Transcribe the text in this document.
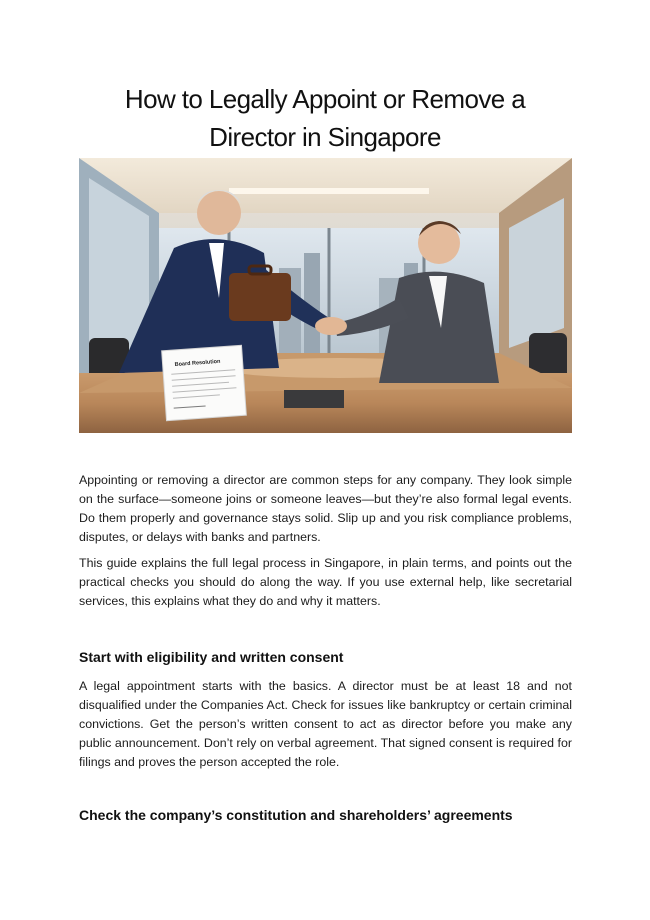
How to Legally Appoint or Remove a Director in Singapore
Board Resolution

Appointing or removing a director are common steps for any company. They look simple on the surface—someone joins or someone leaves—but they’re also formal legal events. Do them properly and governance stays solid. Slip up and you risk compliance problems, disputes, or delays with banks and partners.

This guide explains the full legal process in Singapore, in plain terms, and points out the practical checks you should do along the way. If you use external help, like secretarial services, this explains what they do and why it matters.

Start with eligibility and written consent

A legal appointment starts with the basics. A director must be at least 18 and not disqualified under the Companies Act. Check for issues like bankruptcy or certain criminal convictions. Get the person’s written consent to act as director before you make any public announcement. Don’t rely on verbal agreement. That signed consent is required for filings and proves the person accepted the role.

Check the company’s constitution and shareholders’ agreements
